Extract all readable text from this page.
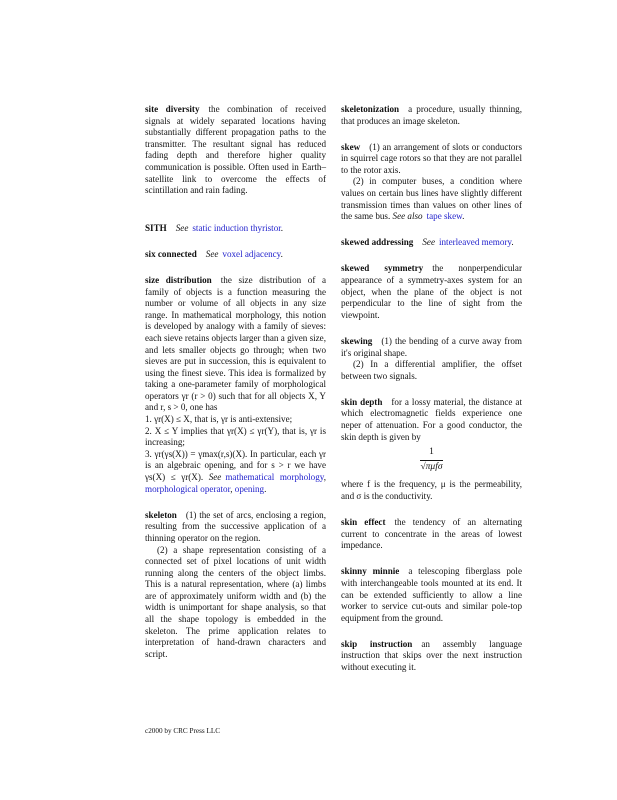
site diversity the combination of received signals at widely separated locations having substantially different propagation paths to the transmitter. The resultant signal has reduced fading depth and therefore higher quality communication is possible. Often used in Earth–satellite link to overcome the effects of scintillation and rain fading.

SITH See static induction thyristor.

six connected See voxel adjacency.

size distribution the size distribution of a family of objects is a function measuring the number or volume of all objects in any size range. In mathematical morphology, this notion is developed by analogy with a family of sieves: each sieve retains objects larger than a given size, and lets smaller objects go through; when two sieves are put in succession, this is equivalent to using the finest sieve. This idea is formalized by taking a one-parameter family of morphological operators γr (r > 0) such that for all objects X, Y and r, s > 0, one has

1. γr(X) ≤ X, that is, γr is anti-extensive;

2. X ≤ Y implies that γr(X) ≤ γr(Y), that is, γr is increasing;

3. γr(γs(X)) = γmax(r,s)(X). In particular, each γr is an algebraic opening, and for s > r we have γs(X) ≤ γr(X). See mathematical morphology, morphological operator, opening.

skeleton (1) the set of arcs, enclosing a region, resulting from the successive application of a thinning operator on the region.

(2) a shape representation consisting of a connected set of pixel locations of unit width running along the centers of the object limbs. This is a natural representation, where (a) limbs are of approximately uniform width and (b) the width is unimportant for shape analysis, so that all the shape topology is embedded in the skeleton. The prime application relates to interpretation of hand-drawn characters and script.

skeletonization a procedure, usually thinning, that produces an image skeleton.

skew (1) an arrangement of slots or conductors in squirrel cage rotors so that they are not parallel to the rotor axis.

(2) in computer buses, a condition where values on certain bus lines have slightly different transmission times than values on other lines of the same bus. See also tape skew.

skewed addressing See interleaved memory.

skewed symmetry the nonperpendicular appearance of a symmetry-axes system for an object, when the plane of the object is not perpendicular to the line of sight from the viewpoint.

skewing (1) the bending of a curve away from it's original shape.

(2) In a differential amplifier, the offset between two signals.

skin depth for a lossy material, the distance at which electromagnetic fields experience one neper of attenuation. For a good conductor, the skin depth is given by

$\frac{1}{\text{√πμfσ}}$

where f is the frequency, μ is the permeability, and σ is the conductivity.

skin effect the tendency of an alternating current to concentrate in the areas of lowest impedance.

skinny minnie a telescoping fiberglass pole with interchangeable tools mounted at its end. It can be extended sufficiently to allow a line worker to service cut-outs and similar pole-top equipment from the ground.

skip instruction an assembly language instruction that skips over the next instruction without executing it.

c2000 by CRC Press LLC
